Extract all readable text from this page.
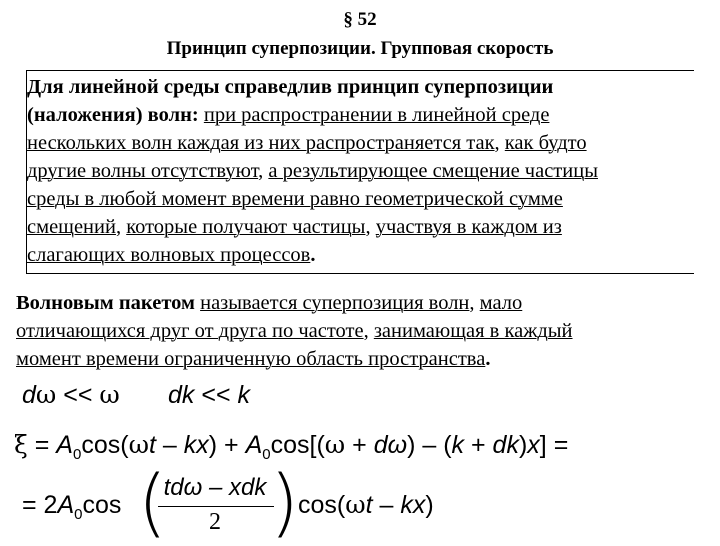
§ 52
Принцип суперпозиции. Групповая скорость
Для линейной среды справедлив принцип суперпозиции
(наложения) волн: при распространении в линейной среде
нескольких волн каждая из них распространяется так, как будто
другие волны отсутствуют, а результирующее смещение частицы
среды в любой момент времени равно геометрической сумме
смещений, которые получают частицы, участвуя в каждом из
слагающих волновых процессов.
Волновым пакетом называется суперпозиция волн, мало
отличающихся друг от друга по частоте, занимающая в каждый
момент времени ограниченную область пространства.
dω << ω dk << k
$\xi = A_0\cos(\omega t - kx) + A_0\cos[(\omega + d\omega) - (k + dk)x]$ =
= $2A_0\cos$ (
tdω – xdk
2 ) cos(ωt – kx)
